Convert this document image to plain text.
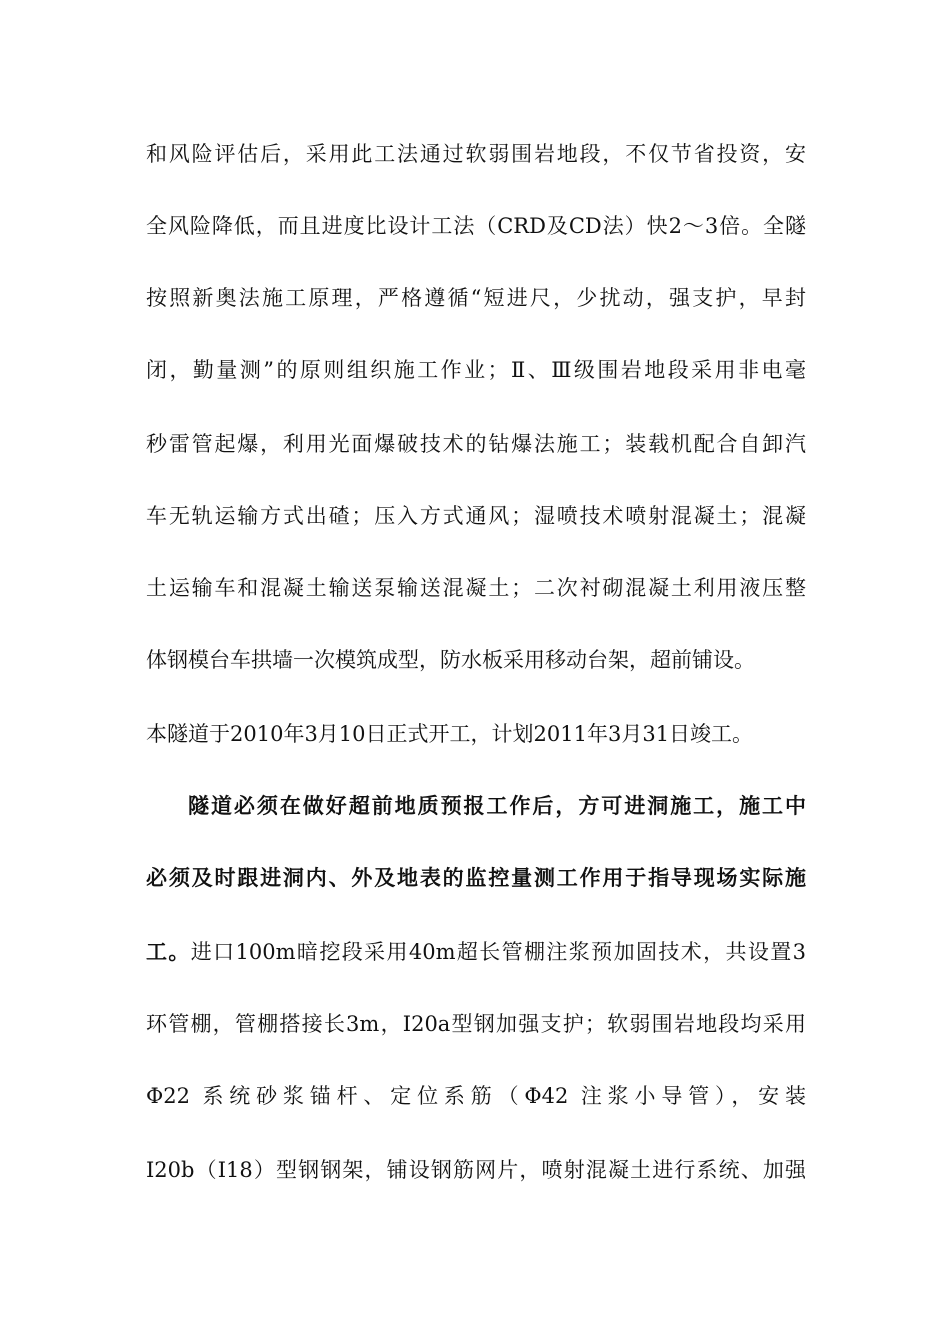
和风险评估后，采用此工法通过软弱围岩地段，不仅节省投资，安
全风险降低，而且进度比设计工法（CRD及CD法）快2～3倍。全隧
按照新奥法施工原理，严格遵循“短进尺，少扰动，强支护，早封
闭，勤量测”的原则组织施工作业；Ⅱ、Ⅲ级围岩地段采用非电毫
秒雷管起爆，利用光面爆破技术的钻爆法施工；装载机配合自卸汽
车无轨运输方式出碴；压入方式通风；湿喷技术喷射混凝土；混凝
土运输车和混凝土输送泵输送混凝土；二次衬砌混凝土利用液压整
体钢模台车拱墙一次模筑成型，防水板采用移动台架，超前铺设。
本隧道于2010年3月10日正式开工，计划2011年3月31日竣工。
隧道必须在做好超前地质预报工作后，方可进洞施工，施工中
必须及时跟进洞内、外及地表的监控量测工作用于指导现场实际施
工。进口100m暗挖段采用40m超长管棚注浆预加固技术，共设置3
环管棚，管棚搭接长3m，I20a型钢加强支护；软弱围岩地段均采用
Φ22 系统砂浆锚杆、定位系筋（Φ42 注浆小导管），安装
I20b（I18）型钢钢架，铺设钢筋网片，喷射混凝土进行系统、加强
